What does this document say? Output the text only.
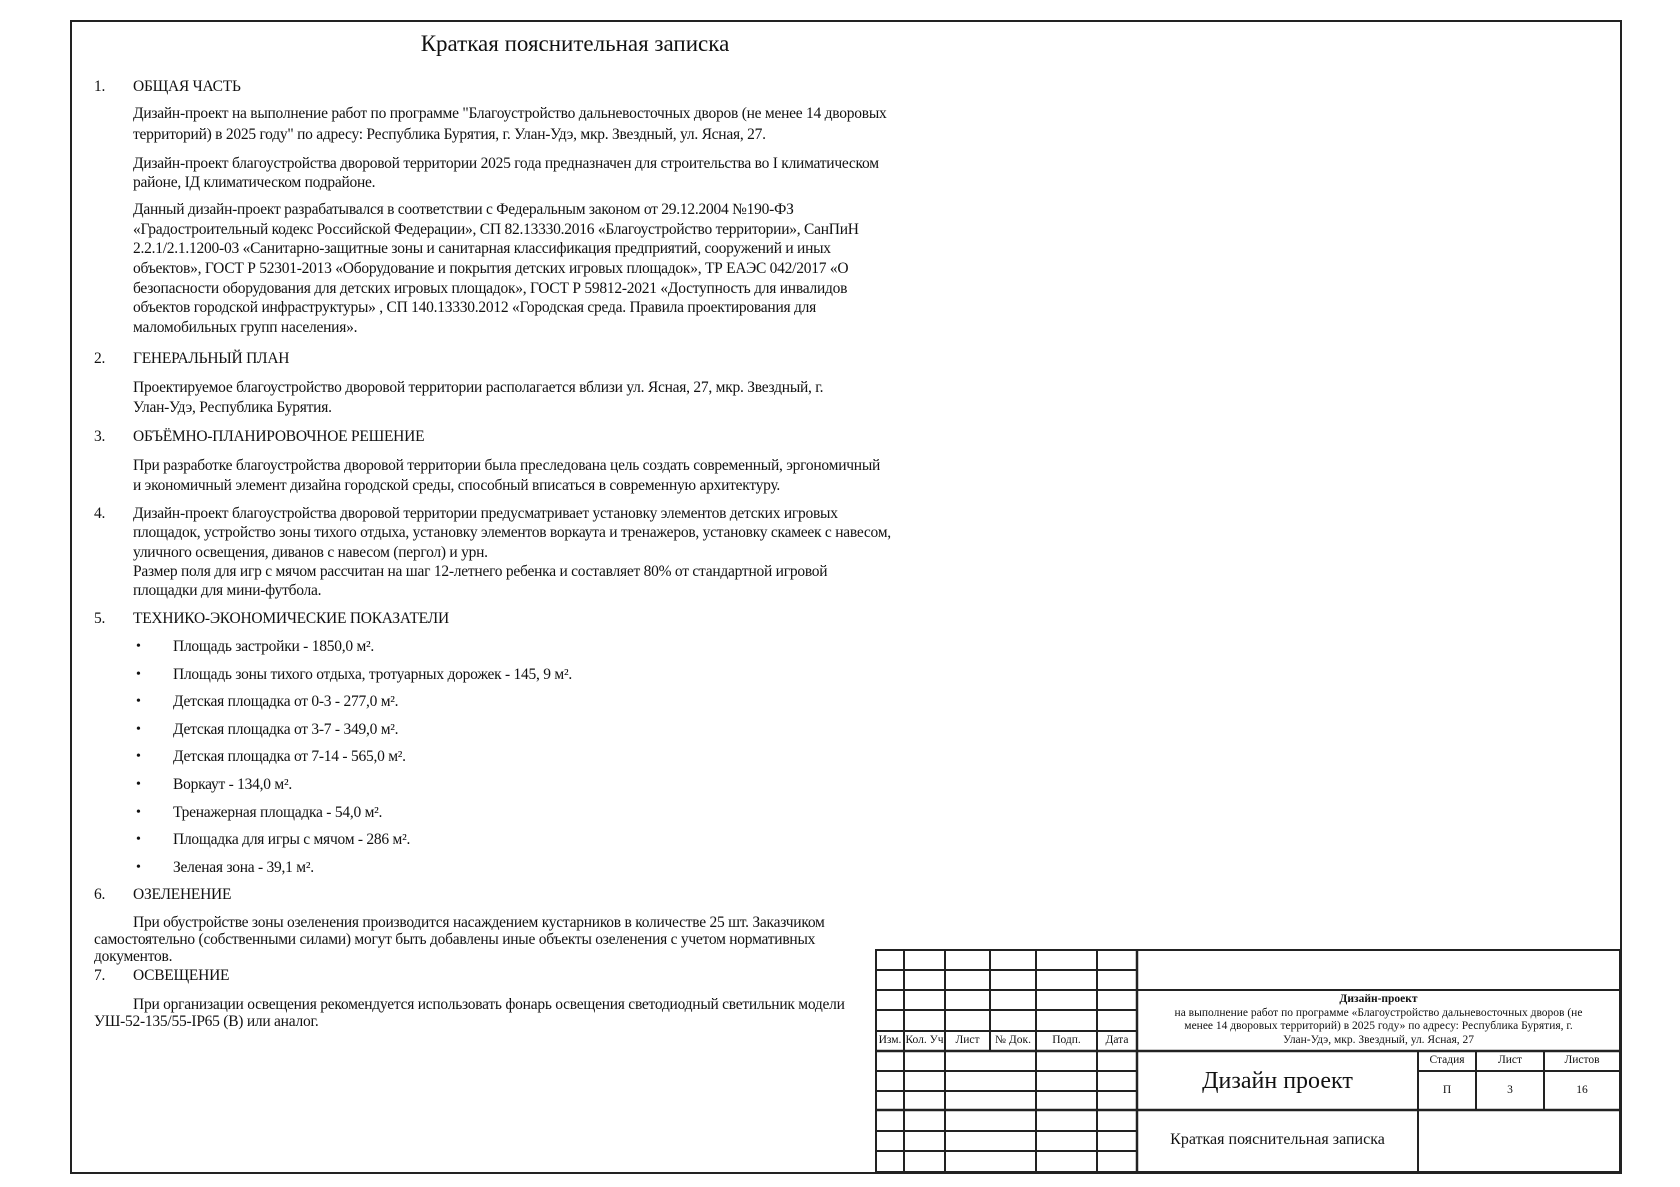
Краткая пояснительная записка
1. ОБЩАЯ ЧАСТЬ
Дизайн-проект на выполнение работ по программе "Благоустройство дальневосточных дворов (не менее 14 дворовых
территорий) в 2025 году" по адресу: Республика Бурятия, г. Улан-Удэ, мкр. Звездный, ул. Ясная, 27.
Дизайн-проект благоустройства дворовой территории 2025 года предназначен для строительства во I климатическом
районе, IД климатическом подрайоне.
Данный дизайн-проект разрабатывался в соответствии с Федеральным законом от 29.12.2004 №190-ФЗ
«Градостроительный кодекс Российской Федерации», СП 82.13330.2016 «Благоустройство территории», СанПиН
2.2.1/2.1.1200-03 «Санитарно-защитные зоны и санитарная классификация предприятий, сооружений и иных
объектов», ГОСТ Р 52301-2013 «Оборудование и покрытия детских игровых площадок», ТР ЕАЭС 042/2017 «О
безопасности оборудования для детских игровых площадок», ГОСТ Р 59812-2021 «Доступность для инвалидов
объектов городской инфраструктуры» , СП 140.13330.2012 «Городская среда. Правила проектирования для
маломобильных групп населения».
2. ГЕНЕРАЛЬНЫЙ ПЛАН
Проектируемое благоустройство дворовой территории располагается вблизи ул. Ясная, 27, мкр. Звездный, г.
Улан-Удэ, Республика Бурятия.
3. ОБЪЁМНО-ПЛАНИРОВОЧНОЕ РЕШЕНИЕ
При разработке благоустройства дворовой территории была преследована цель создать современный, эргономичный
и экономичный элемент дизайна городской среды, способный вписаться в современную архитектуру.
4. Дизайн-проект благоустройства дворовой территории предусматривает установку элементов детских игровых
площадок, устройство зоны тихого отдыха, установку элементов воркаута и тренажеров, установку скамеек с навесом,
уличного освещения, диванов с навесом (пергол) и урн.
Размер поля для игр с мячом рассчитан на шаг 12-летнего ребенка и составляет 80% от стандартной игровой
площадки для мини-футбола.
5. ТЕХНИКО-ЭКОНОМИЧЕСКИЕ ПОКАЗАТЕЛИ
• Площадь застройки - 1850,0 м².
• Площадь зоны тихого отдыха, тротуарных дорожек - 145, 9 м².
• Детская площадка от 0-3 - 277,0 м².
• Детская площадка от 3-7 - 349,0 м².
• Детская площадка от 7-14 - 565,0 м².
• Воркаут - 134,0 м².
• Тренажерная площадка - 54,0 м².
• Площадка для игры с мячом - 286 м².
• Зеленая зона - 39,1 м².
6. ОЗЕЛЕНЕНИЕ
При обустройстве зоны озеленения производится насаждением кустарников в количестве 25 шт. Заказчиком
самостоятельно (собственными силами) могут быть добавлены иные объекты озеленения с учетом нормативных
документов.
7. ОСВЕЩЕНИЕ
При организации освещения рекомендуется использовать фонарь освещения светодиодный светильник модели
УШ-52-135/55-IP65 (В) или аналог.
Изм. Кол. Уч	Лист	№ Док.	Подп.	Дата
Дизайн-проект
на выполнение работ по программе «Благоустройство дальневосточных дворов (не
менее 14 дворовых территорий) в 2025 году» по адресу: Республика Бурятия, г.
Улан-Удэ, мкр. Звездный, ул. Ясная, 27
Дизайн проект
Краткая пояснительная записка
Стадия	Лист	Листов
П	3	16
